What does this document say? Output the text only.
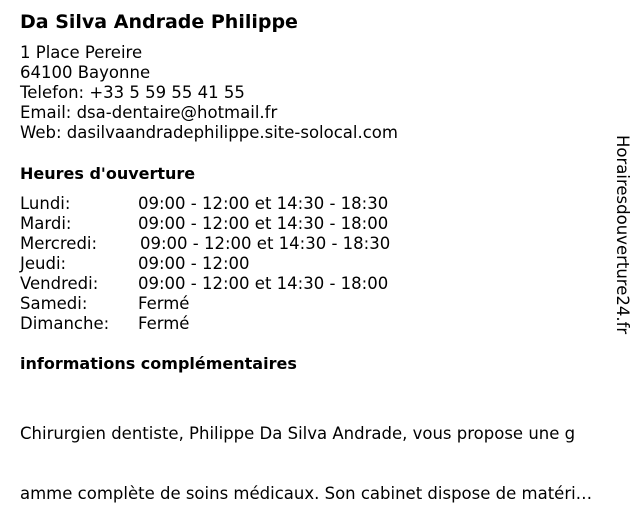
Da Silva Andrade Philippe
1 Place Pereire
64100 Bayonne
Telefon: +33 5 59 55 41 55
Email: dsa-dentaire@hotmail.fr
Web: dasilvaandradephilippe.site-solocal.com
Heures d'ouverture
Lundi:	09:00 - 12:00 et 14:30 - 18:30
Mardi:	09:00 - 12:00 et 14:30 - 18:00
Mercredi:	09:00 - 12:00 et 14:30 - 18:30
Jeudi:	09:00 - 12:00
Vendredi: 09:00 - 12:00 et 14:30 - 18:00
Samedi:	Fermé
Dimanche: Fermé
informations complémentaires

Chirurgien dentiste, Philippe Da Silva Andrade, vous propose une g

amme complète de soins médicaux. Son cabinet dispose de matéri…

Horairesdouverture24.fr
